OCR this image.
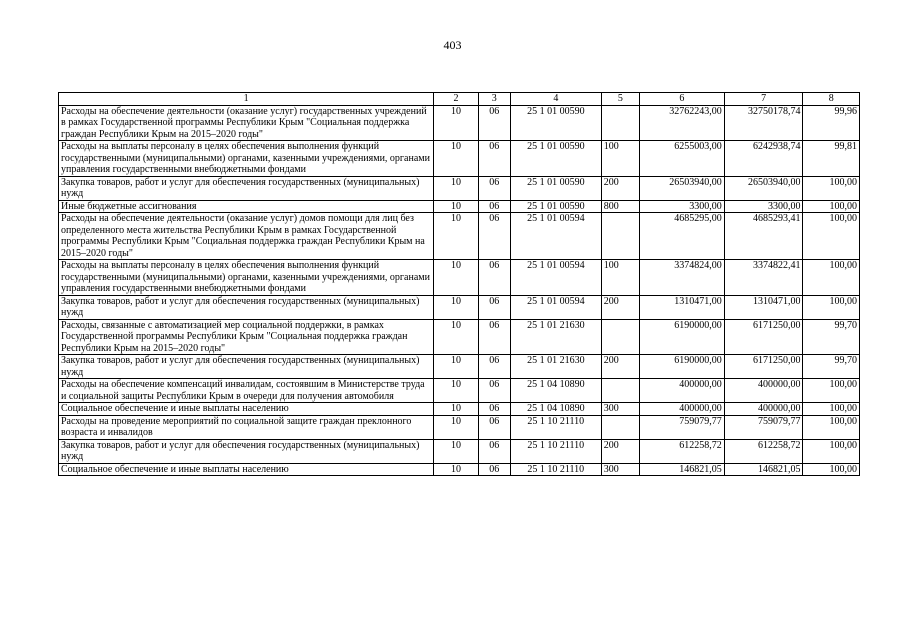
403
1	2	3	4	5	6	7	8
Расходы на обеспечение деятельности (оказание услуг) государственных учреждений в рамках Государственной программы Республики Крым "Социальная поддержка граждан Республики Крым на 2015–2020 годы"	10	06	25 1 01 00590		32762243,00	32750178,74	99,96
Расходы на выплаты персоналу в целях обеспечения выполнения функций государственными (муниципальными) органами, казенными учреждениями, органами управления государственными внебюджетными фондами	10	06	25 1 01 00590	100	6255003,00	6242938,74	99,81
Закупка товаров, работ и услуг для обеспечения государственных (муниципальных) нужд	10	06	25 1 01 00590	200	26503940,00	26503940,00	100,00
Иные бюджетные ассигнования	10	06	25 1 01 00590	800	3300,00	3300,00	100,00
Расходы на обеспечение деятельности (оказание услуг) домов помощи для лиц без определенного места жительства Республики Крым в рамках Государственной программы Республики Крым "Социальная поддержка граждан Республики Крым на 2015–2020 годы"	10	06	25 1 01 00594		4685295,00	4685293,41	100,00
Расходы на выплаты персоналу в целях обеспечения выполнения функций государственными (муниципальными) органами, казенными учреждениями, органами управления государственными внебюджетными фондами	10	06	25 1 01 00594	100	3374824,00	3374822,41	100,00
Закупка товаров, работ и услуг для обеспечения государственных (муниципальных) нужд	10	06	25 1 01 00594	200	1310471,00	1310471,00	100,00
Расходы, связанные с автоматизацией мер социальной поддержки, в рамках Государственной программы Республики Крым "Социальная поддержка граждан Республики Крым на 2015–2020 годы"	10	06	25 1 01 21630		6190000,00	6171250,00	99,70
Закупка товаров, работ и услуг для обеспечения государственных (муниципальных) нужд	10	06	25 1 01 21630	200	6190000,00	6171250,00	99,70
Расходы на обеспечение компенсаций инвалидам, состоявшим в Министерстве труда и социальной защиты Республики Крым в очереди для получения автомобиля	10	06	25 1 04 10890		400000,00	400000,00	100,00
Социальное обеспечение и иные выплаты населению	10	06	25 1 04 10890	300	400000,00	400000,00	100,00
Расходы на проведение мероприятий по социальной защите граждан преклонного возраста и инвалидов	10	06	25 1 10 21110		759079,77	759079,77	100,00
Закупка товаров, работ и услуг для обеспечения государственных (муниципальных) нужд	10	06	25 1 10 21110	200	612258,72	612258,72	100,00
Социальное обеспечение и иные выплаты населению	10	06	25 1 10 21110	300	146821,05	146821,05	100,00
